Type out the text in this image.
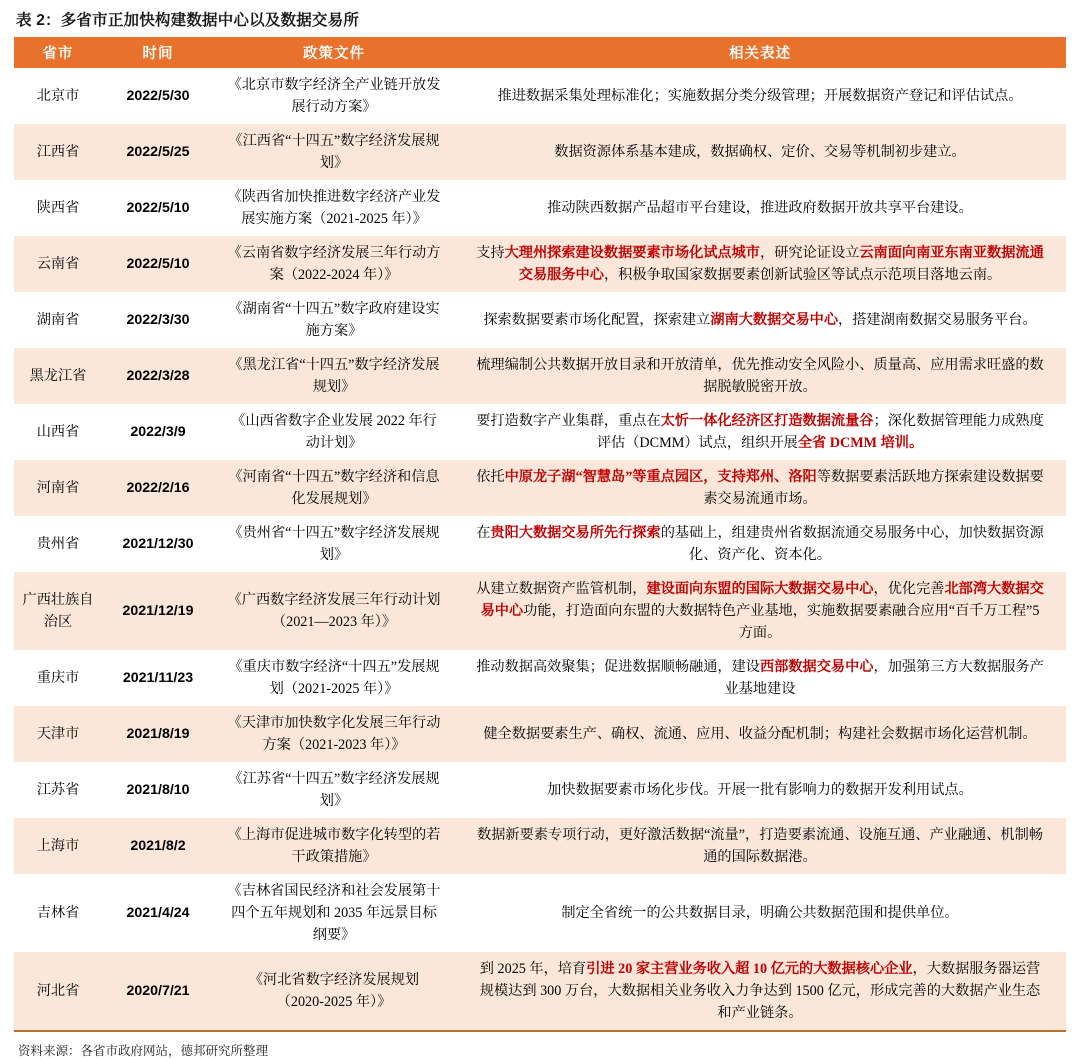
表 2：多省市正加快构建数据中心以及数据交易所
省市	时间	政策文件	相关表述
北京市	2022/5/30	《北京市数字经济全产业链开放发展行动方案》	推进数据采集处理标准化；实施数据分类分级管理；开展数据资产登记和评估试点。

江西省	2022/5/25	《江西省“十四五”数字经济发展规划》	数据资源体系基本建成，数据确权、定价、交易等机制初步建立。

陕西省	2022/5/10	《陕西省加快推进数字经济产业发展实施方案（2021-2025 年）》	推动陕西数据产品超市平台建设，推进政府数据开放共享平台建设。

云南省	2022/5/10	《云南省数字经济发展三年行动方案（2022-2024 年）》	支持大理州探索建设数据要素市场化试点城市，研究论证设立云南面向南亚东南亚数据流通交易服务中心，积极争取国家数据要素创新试验区等试点示范项目落地云南。

湖南省	2022/3/30	《湖南省“十四五”数字政府建设实施方案》	探索数据要素市场化配置，探索建立湖南大数据交易中心，搭建湖南数据交易服务平台。

黑龙江省	2022/3/28	《黑龙江省“十四五”数字经济发展规划》	梳理编制公共数据开放目录和开放清单，优先推动安全风险小、质量高、应用需求旺盛的数据脱敏脱密开放。

山西省	2022/3/9	《山西省数字企业发展 2022 年行动计划》	要打造数字产业集群，重点在太忻一体化经济区打造数据流量谷；深化数据管理能力成熟度评估（DCMM）试点，组织开展全省 DCMM 培训。

河南省	2022/2/16	《河南省“十四五”数字经济和信息化发展规划》	依托中原龙子湖“智慧岛”等重点园区，支持郑州、洛阳等数据要素活跃地方探索建设数据要素交易流通市场。

贵州省	2021/12/30	《贵州省“十四五”数字经济发展规划》	在贵阳大数据交易所先行探索的基础上，组建贵州省数据流通交易服务中心，加快数据资源化、资产化、资本化。

广西壮族自治区	2021/12/19	《广西数字经济发展三年行动计划（2021—2023 年）》	从建立数据资产监管机制，建设面向东盟的国际大数据交易中心，优化完善北部湾大数据交易中心功能，打造面向东盟的大数据特色产业基地，实施数据要素融合应用“百千万工程”5 方面。

重庆市	2021/11/23	《重庆市数字经济“十四五”发展规划（2021-2025 年）》	推动数据高效聚集；促进数据顺畅融通，建设西部数据交易中心，加强第三方大数据服务产业基地建设

天津市	2021/8/19	《天津市加快数字化发展三年行动方案（2021-2023 年）》	健全数据要素生产、确权、流通、应用、收益分配机制；构建社会数据市场化运营机制。

江苏省	2021/8/10	《江苏省“十四五”数字经济发展规划》	加快数据要素市场化步伐。开展一批有影响力的数据开发利用试点。

上海市	2021/8/2	《上海市促进城市数字化转型的若干政策措施》	数据新要素专项行动，更好激活数据“流量”，打造要素流通、设施互通、产业融通、机制畅通的国际数据港。

吉林省	2021/4/24	《吉林省国民经济和社会发展第十四个五年规划和 2035 年远景目标纲要》	制定全省统一的公共数据目录，明确公共数据范围和提供单位。

河北省	2020/7/21	《河北省数字经济发展规划（2020-2025 年）》	到 2025 年，培育引进 20 家主营业务收入超 10 亿元的大数据核心企业，大数据服务器运营规模达到 300 万台，大数据相关业务收入力争达到 1500 亿元，形成完善的大数据产业生态和产业链条。
资料来源：各省市政府网站，德邦研究所整理
